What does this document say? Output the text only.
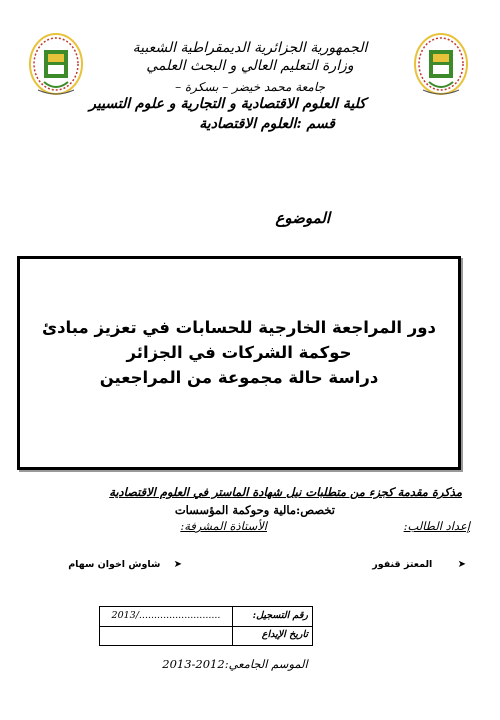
الجمهورية الجزائرية الديمقراطية الشعبية
وزارة التعليم العالي و البحث العلمي
جامعة محمد خيضر – بسكرة –
كلية العلوم الاقتصادية و التجارية و علوم التسيير
قسم :العلوم الاقتصادية
الموضوع
دور المراجعة الخارجية للحسابات في تعزيز مبادئ
حوكمة الشركات في الجزائر
دراسة حالة مجموعة من المراجعين
مذكرة مقدمة كجزء من متطلبات نيل شهادة الماستر في العلوم الاقتصادية
تخصص:مالية وحوكمة المؤسسات
إعداد الطالب:
الأستاذة المشرفة:
➤ المعتز قنفور
➤ شاوش اخوان سهام
2013/...........................	رقم التسجيل:
تاريخ الإيداع
الموسم الجامعي:2012-2013
